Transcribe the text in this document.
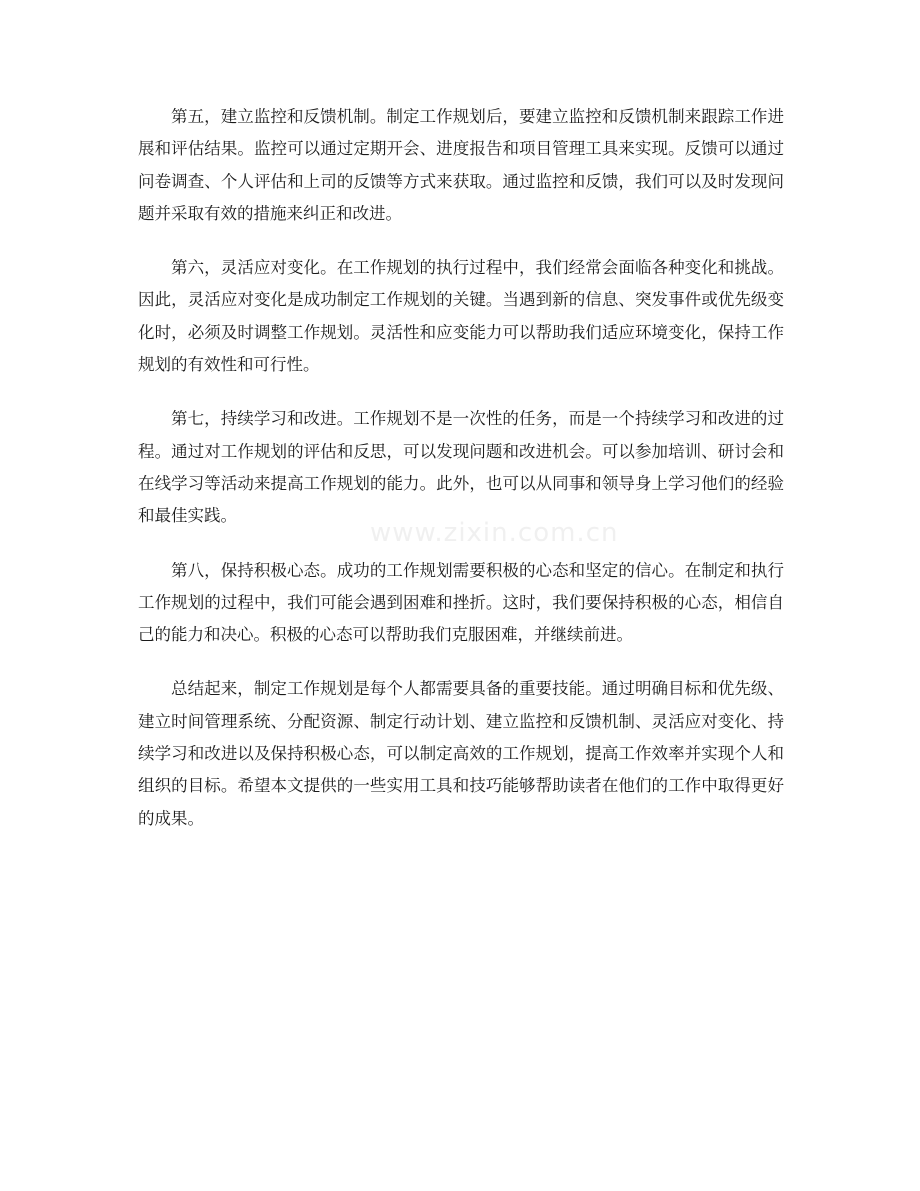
第五，建立监控和反馈机制。制定工作规划后，要建立监控和反馈机制来跟踪工作进展和评估结果。监控可以通过定期开会、进度报告和项目管理工具来实现。反馈可以通过问卷调查、个人评估和上司的反馈等方式来获取。通过监控和反馈，我们可以及时发现问题并采取有效的措施来纠正和改进。

第六，灵活应对变化。在工作规划的执行过程中，我们经常会面临各种变化和挑战。因此，灵活应对变化是成功制定工作规划的关键。当遇到新的信息、突发事件或优先级变化时，必须及时调整工作规划。灵活性和应变能力可以帮助我们适应环境变化，保持工作规划的有效性和可行性。

第七，持续学习和改进。工作规划不是一次性的任务，而是一个持续学习和改进的过程。通过对工作规划的评估和反思，可以发现问题和改进机会。可以参加培训、研讨会和在线学习等活动来提高工作规划的能力。此外，也可以从同事和领导身上学习他们的经验和最佳实践。

第八，保持积极心态。成功的工作规划需要积极的心态和坚定的信心。在制定和执行工作规划的过程中，我们可能会遇到困难和挫折。这时，我们要保持积极的心态，相信自己的能力和决心。积极的心态可以帮助我们克服困难，并继续前进。

总结起来，制定工作规划是每个人都需要具备的重要技能。通过明确目标和优先级、建立时间管理系统、分配资源、制定行动计划、建立监控和反馈机制、灵活应对变化、持续学习和改进以及保持积极心态，可以制定高效的工作规划，提高工作效率并实现个人和组织的目标。希望本文提供的一些实用工具和技巧能够帮助读者在他们的工作中取得更好的成果。

www.zixin.com.cn
